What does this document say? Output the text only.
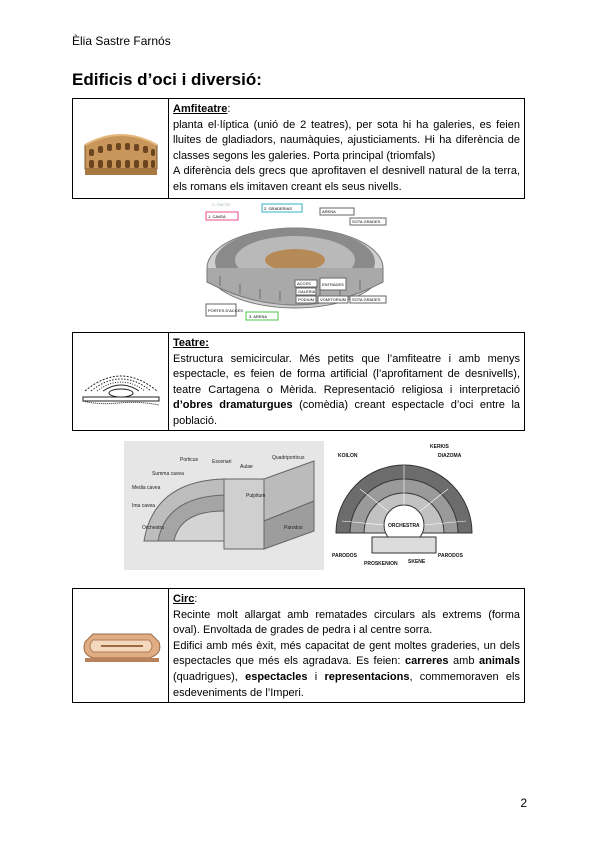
Èlia Sastre Farnós
Edificis d’oci i diversió:

Amfiteatre:

planta el·líptica (unió de 2 teatres), per sota hi ha galeries, es feien lluites de gladiadors, naumàquies, ajusticiaments. Hi ha diferència de classes segons les galeries. Porta principal (triomfals)

A diferència dels grecs que aprofitaven el desnivell natural de la terra, els romans els imitaven creant els seus nivells.

1. CAVEA
2. GRADERIAS
C. FACTO
ARENA
SOTA GRADES
ACCES
VOMITORIUM
ENTRADES
PODIUM
GALERIA
SOTA GRADES
3. ARENA
PORTES D'ACCES

Teatre:

Estructura semicircular. Més petits que l’amfiteatre i amb menys espectacle, es feien de forma artificial (l’aprofitament de desnivells), teatre Cartagena o Mèrida. Representació religiosa i interpretació d’obres dramaturgues (comèdia) creant espectacle d’oci entre la població.

Porticus	Escenari
Aulae
Summa cavea
Media cavea
Ima cavea
Orchestra
Quadriporticus
Pulpitum
Parodos
KERKIS
DIAZOMA
KOILON
ORCHESTRA
PARODOS
PROSKENION SKENE
PARODOS

Circ:

Recinte molt allargat amb rematades circulars als extrems (forma oval). Envoltada de grades de pedra i al centre sorra.

Edifici amb més èxit, més capacitat de gent moltes graderies, un dels espectacles que més els agradava. Es feien: carreres amb animals (quadrigues), espectacles i representacions, commemoraven els esdeveniments de l’Imperi.

2
